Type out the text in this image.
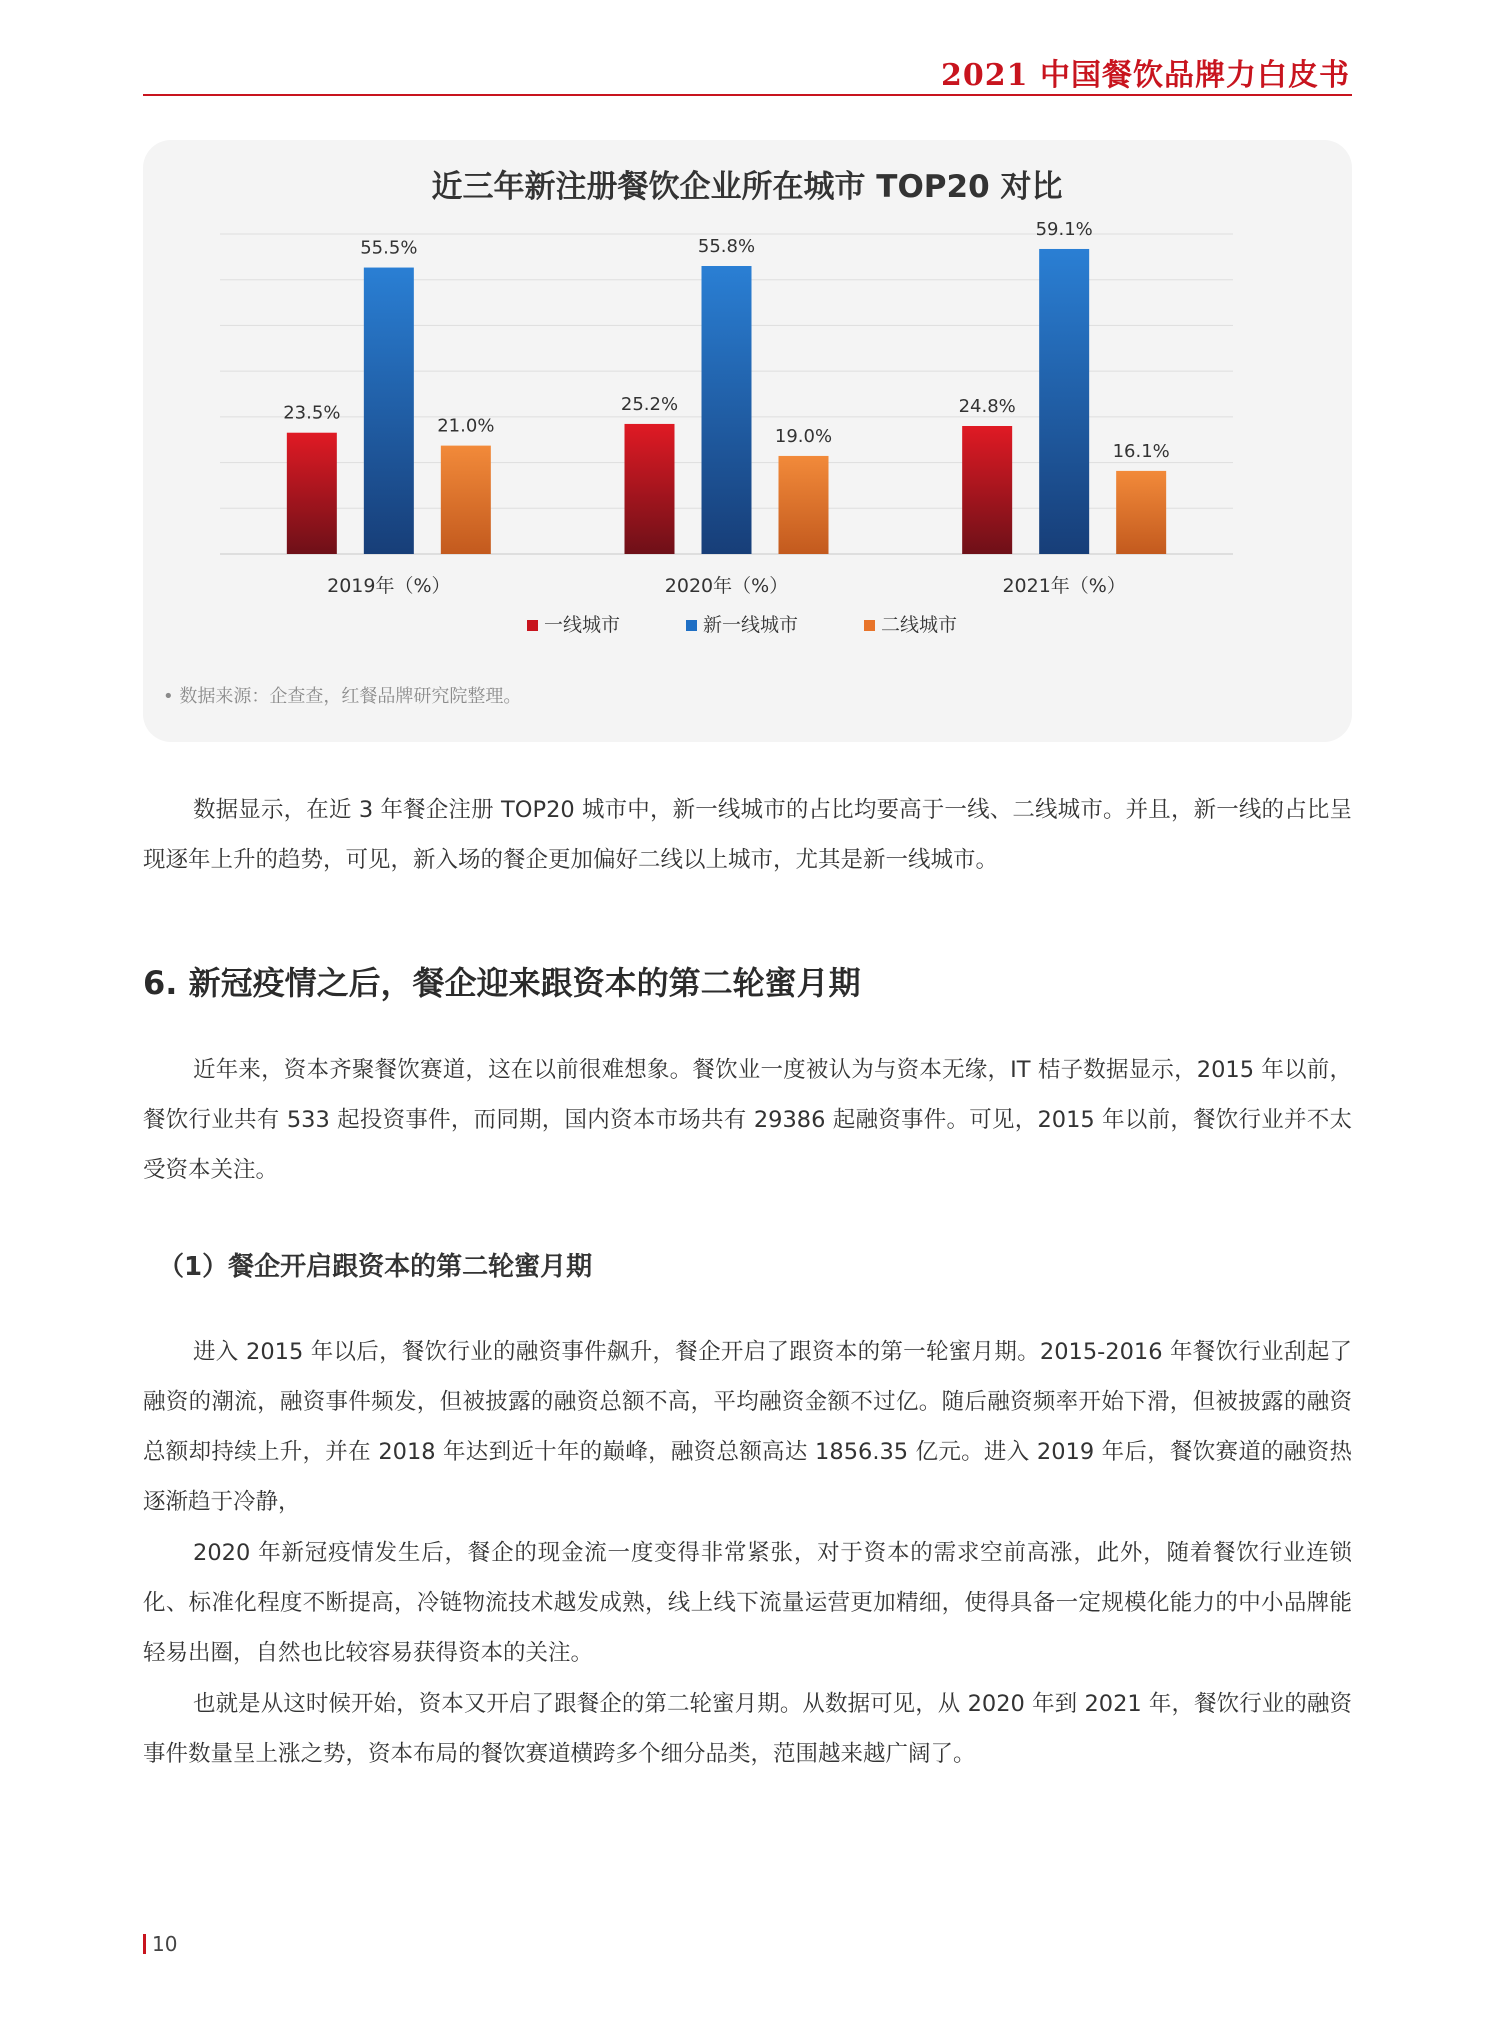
2021 中国餐饮品牌力白皮书
近三年新注册餐饮企业所在城市 TOP20 对比
23.5%
55.5%
21.0%
2019年（%）
25.2%
55.8%
19.0%
2020年（%）
24.8%
59.1%
16.1%
2021年（%）
一线城市	新一线城市	二线城市
• 数据来源：企查查，红餐品牌研究院整理。

数据显示，在近 3 年餐企注册 TOP20 城市中，新一线城市的占比均要高于一线、二线城市。并且，新一线的占比呈现逐年上升的趋势，可见，新入场的餐企更加偏好二线以上城市，尤其是新一线城市。

6. 新冠疫情之后，餐企迎来跟资本的第二轮蜜月期

近年来，资本齐聚餐饮赛道，这在以前很难想象。餐饮业一度被认为与资本无缘，IT 桔子数据显示，2015 年以前，餐饮行业共有 533 起投资事件，而同期，国内资本市场共有 29386 起融资事件。可见，2015 年以前，餐饮行业并不太受资本关注。

（1）餐企开启跟资本的第二轮蜜月期

进入 2015 年以后，餐饮行业的融资事件飙升，餐企开启了跟资本的第一轮蜜月期。2015-2016 年餐饮行业刮起了融资的潮流，融资事件频发，但被披露的融资总额不高，平均融资金额不过亿。随后融资频率开始下滑，但被披露的融资总额却持续上升，并在 2018 年达到近十年的巅峰，融资总额高达 1856.35 亿元。进入 2019 年后，餐饮赛道的融资热逐渐趋于冷静，

2020 年新冠疫情发生后，餐企的现金流一度变得非常紧张，对于资本的需求空前高涨，此外，随着餐饮行业连锁化、标准化程度不断提高，冷链物流技术越发成熟，线上线下流量运营更加精细，使得具备一定规模化能力的中小品牌能轻易出圈，自然也比较容易获得资本的关注。

也就是从这时候开始，资本又开启了跟餐企的第二轮蜜月期。从数据可见，从 2020 年到 2021 年，餐饮行业的融资事件数量呈上涨之势，资本布局的餐饮赛道横跨多个细分品类，范围越来越广阔了。

10
